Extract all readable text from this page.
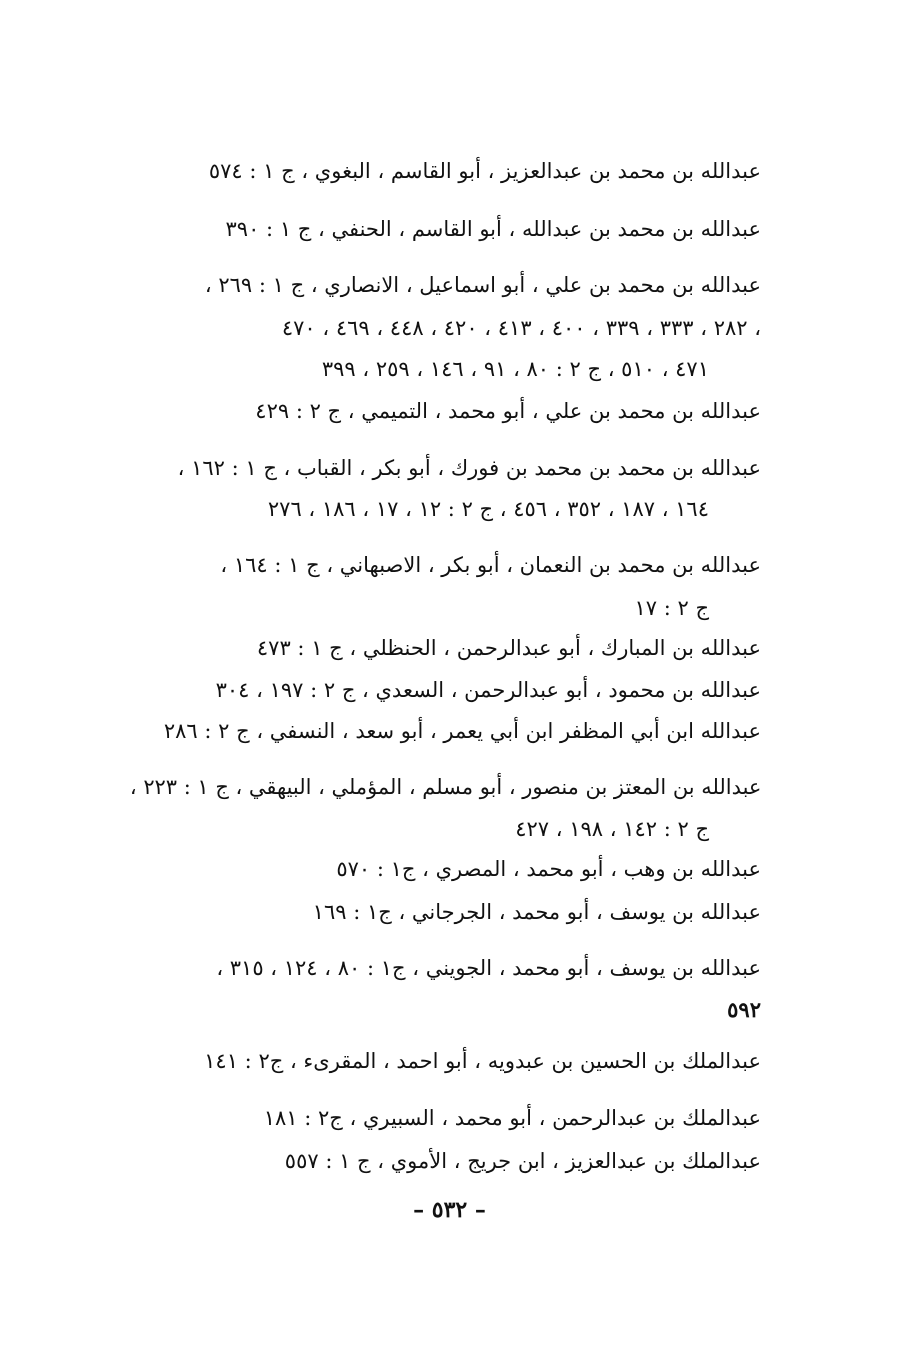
عبدالله بن محمد بن عبدالعزيز ، أبو القاسم ، البغوي ، ج ١ : ٥٧٤
عبدالله بن محمد بن عبدالله ، أبو القاسم ، الحنفي ، ج ١ : ٣٩٠
عبدالله بن محمد بن علي ، أبو اسماعيل ، الانصاري ، ج ١ : ٢٦٩ ،
٢٨٢ ، ٣٣٣ ، ٣٣٩ ، ٤٠٠ ، ٤١٣ ، ٤٢٠ ، ٤٤٨ ، ٤٦٩ ، ٤٧٠ ،
٤٧١ ، ٥١٠ ، ج ٢ : ٨٠ ، ٩١ ، ١٤٦ ، ٢٥٩ ، ٣٩٩
عبدالله بن محمد بن علي ، أبو محمد ، التميمي ، ج ٢ : ٤٢٩
عبدالله بن محمد بن محمد بن فورك ، أبو بكر ، القباب ، ج ١ : ١٦٢ ،
١٦٤ ، ١٨٧ ، ٣٥٢ ، ٤٥٦ ، ج ٢ : ١٢ ، ١٧ ، ١٨٦ ، ٢٧٦
عبدالله بن محمد بن النعمان ، أبو بكر ، الاصبهاني ، ج ١ : ١٦٤ ،
ج ٢ : ١٧
عبدالله بن المبارك ، أبو عبدالرحمن ، الحنظلي ، ج ١ : ٤٧٣
عبدالله بن محمود ، أبو عبدالرحمن ، السعدي ، ج ٢ : ١٩٧ ، ٣٠٤
عبدالله ابن أبي المظفر ابن أبي يعمر ، أبو سعد ، النسفي ، ج ٢ : ٢٨٦
عبدالله بن المعتز بن منصور ، أبو مسلم ، المؤملي ، البيهقي ، ج ١ : ٢٢٣ ،
ج ٢ : ١٤٢ ، ١٩٨ ، ٤٢٧
عبدالله بن وهب ، أبو محمد ، المصري ، ج١ : ٥٧٠
عبدالله بن يوسف ، أبو محمد ، الجرجاني ، ج١ : ١٦٩
عبدالله بن يوسف ، أبو محمد ، الجويني ، ج١ : ٨٠ ، ١٢٤ ، ٣١٥ ،
٥٩٢
عبدالملك بن الحسين بن عبدويه ، أبو احمد ، المقرىء ، ج٢ : ١٤١
عبدالملك بن عبدالرحمن ، أبو محمد ، السبيري ، ج٢ : ١٨١
عبدالملك بن عبدالعزيز ، ابن جريج ، الأموي ، ج ١ : ٥٥٧
– ٥٣٢ –
